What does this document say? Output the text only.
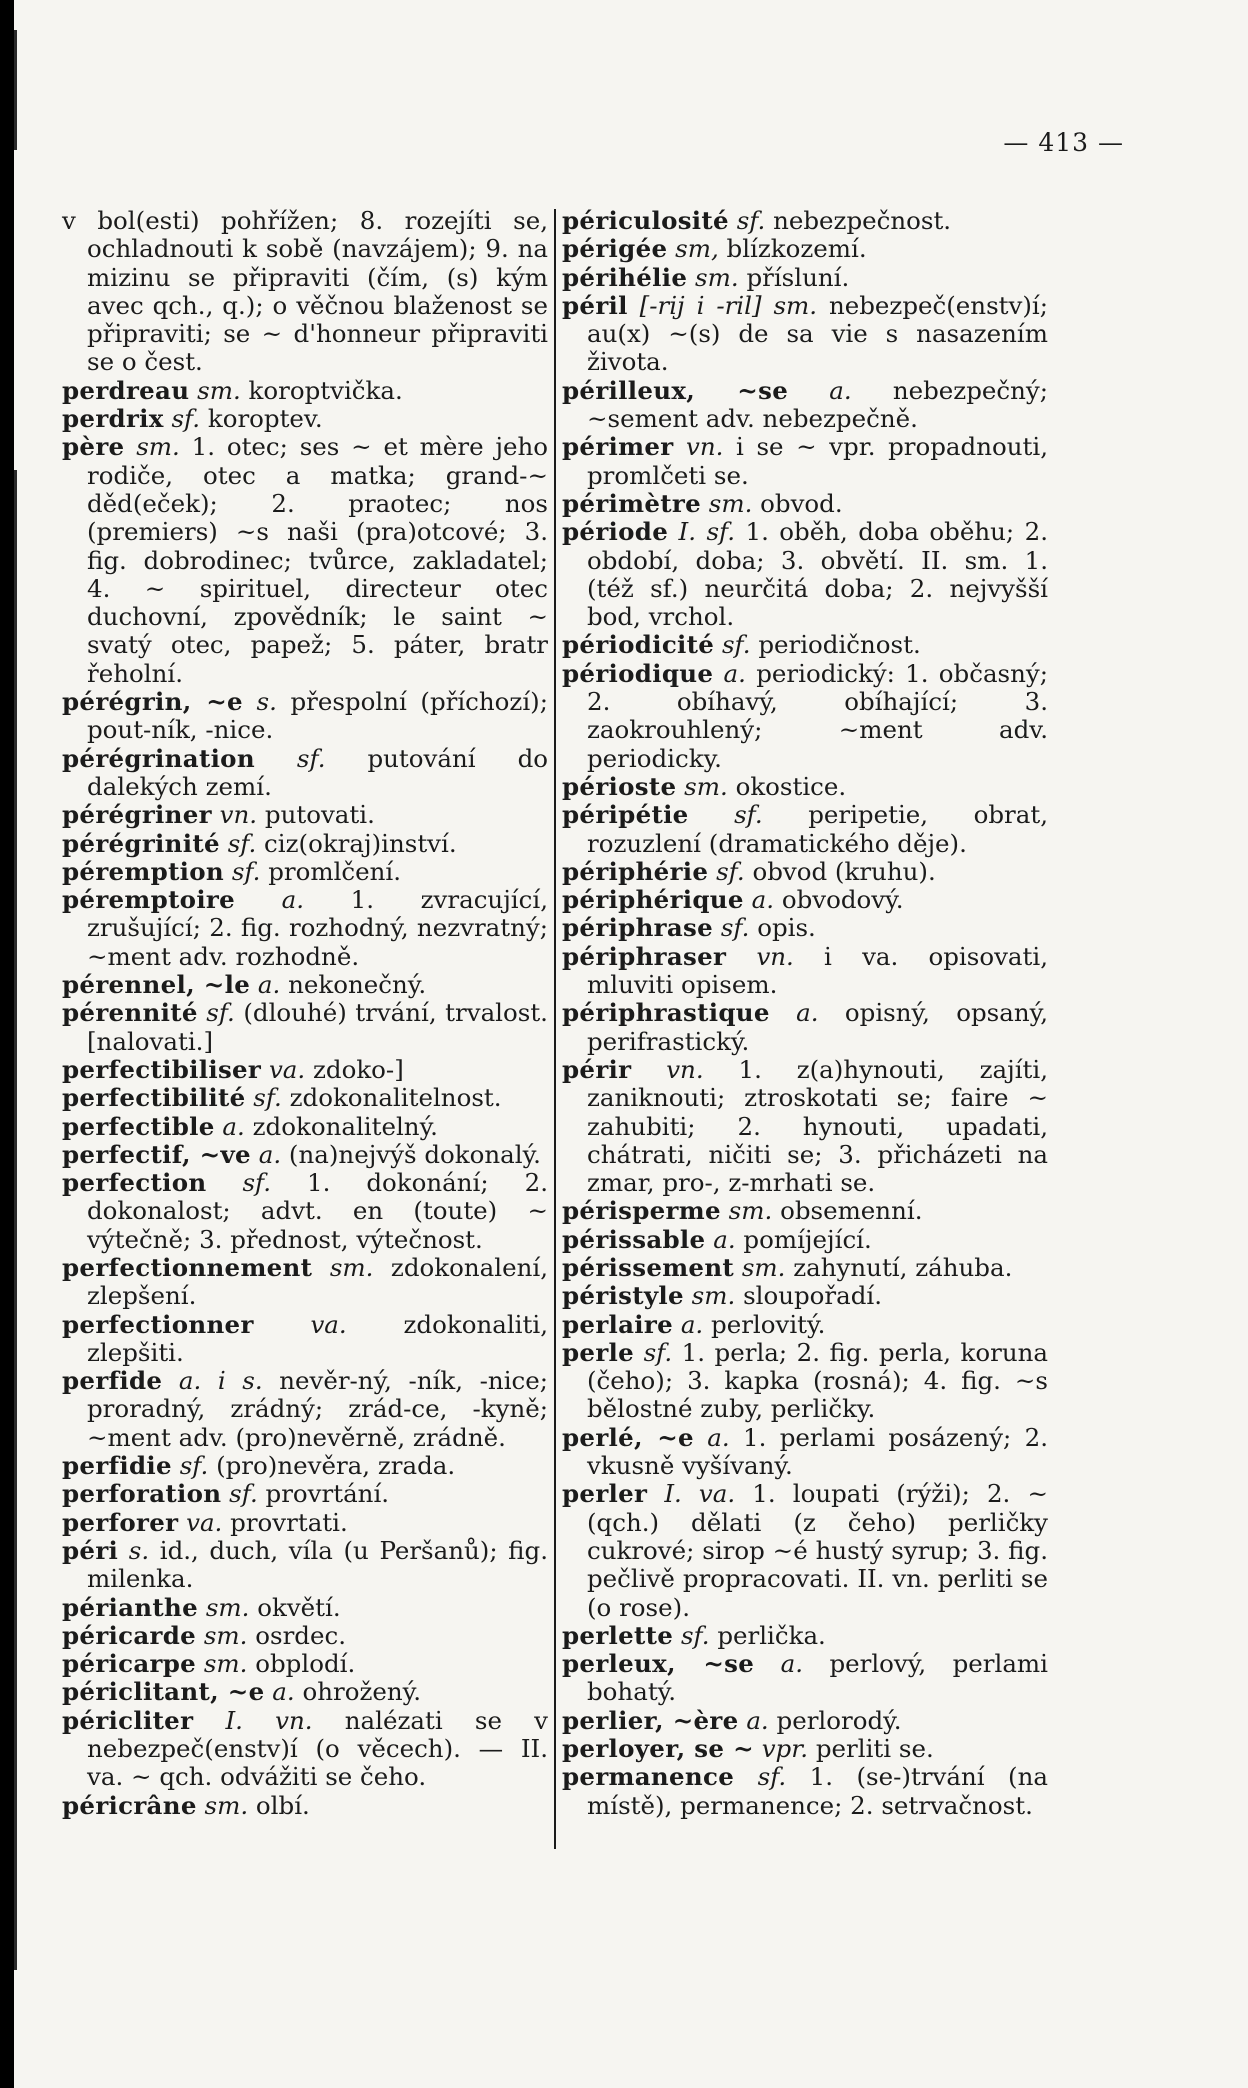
— 413 —

v bol(esti) pohřížen; 8. rozejíti se, ochladnouti k sobě (navzájem); 9. na mizinu se připraviti (čím, (s) kým avec qch., q.); o věčnou blaženost se připraviti; se ~ d'honneur připraviti se o čest.

perdreau sm. koroptvička.

perdrix sf. koroptev.

père sm. 1. otec; ses ~ et mère jeho rodiče, otec a matka; grand-~ děd(eček); 2. praotec; nos (premiers) ~s naši (pra)otcové; 3. fig. dobrodinec; tvůrce, zakladatel; 4. ~ spirituel, directeur otec duchovní, zpovědník; le saint ~ svatý otec, papež; 5. páter, bratr řeholní.

pérégrin, ~e s. přespolní (příchozí); pout-ník, -nice.

pérégrination sf. putování do dalekých zemí.

pérégriner vn. putovati.

pérégrinité sf. ciz(okraj)inství.

péremption sf. promlčení.

péremptoire a. 1. zvracující, zrušující; 2. fig. rozhodný, nezvratný; ~ment adv. rozhodně.

pérennel, ~le a. nekonečný.

pérennité sf. (dlouhé) trvání, trvalost. [nalovati.]

perfectibiliser va. zdoko-]

perfectibilité sf. zdokonalitelnost.

perfectible a. zdokonalitelný.

perfectif, ~ve a. (na)nejvýš dokonalý.

perfection sf. 1. dokonání; 2. dokonalost; advt. en (toute) ~ výtečně; 3. přednost, výtečnost.

perfectionnement sm. zdokonalení, zlepšení.

perfectionner va. zdokonaliti, zlepšiti.

perfide a. i s. nevěr-ný, -ník, -nice; proradný, zrádný; zrád-ce, -kyně; ~ment adv. (pro)nevěrně, zrádně.

perfidie sf. (pro)nevěra, zrada.

perforation sf. provrtání.

perforer va. provrtati.

péri s. id., duch, víla (u Peršanů); fig. milenka.

périanthe sm. okvětí.

péricarde sm. osrdec.

péricarpe sm. obplodí.

périclitant, ~e a. ohrožený.

péricliter I. vn. nalézati se v nebezpeč(enstv)í (o věcech). — II. va. ~ qch. odvážiti se čeho.

péricrâne sm. olbí.

périculosité sf. nebezpečnost.

périgée sm, blízkozemí.

périhélie sm. přísluní.

péril [-rij i -ril] sm. nebezpeč(enstv)í; au(x) ~(s) de sa vie s nasazením života.

périlleux, ~se a. nebezpečný; ~sement adv. nebezpečně.

périmer vn. i se ~ vpr. propadnouti, promlčeti se.

périmètre sm. obvod.

période I. sf. 1. oběh, doba oběhu; 2. období, doba; 3. obvětí. II. sm. 1. (též sf.) neurčitá doba; 2. nejvyšší bod, vrchol.

périodicité sf. periodičnost.

périodique a. periodický: 1. občasný; 2. obíhavý, obíhající; 3. zaokrouhlený; ~ment adv. periodicky.

périoste sm. okostice.

péripétie sf. peripetie, obrat, rozuzlení (dramatického děje).

périphérie sf. obvod (kruhu).

périphérique a. obvodový.

périphrase sf. opis.

périphraser vn. i va. opisovati, mluviti opisem.

périphrastique a. opisný, opsaný, perifrastický.

périr vn. 1. z(a)hynouti, zajíti, zaniknouti; ztroskotati se; faire ~ zahubiti; 2. hynouti, upadati, chátrati, ničiti se; 3. přicházeti na zmar, pro-, z-mrhati se.

périsperme sm. obsemenní.

périssable a. pomíjející.

périssement sm. zahynutí, záhuba.

péristyle sm. sloupořadí.

perlaire a. perlovitý.

perle sf. 1. perla; 2. fig. perla, koruna (čeho); 3. kapka (rosná); 4. fig. ~s bělostné zuby, perličky.

perlé, ~e a. 1. perlami posázený; 2. vkusně vyšívaný.

perler I. va. 1. loupati (rýži); 2. ~ (qch.) dělati (z čeho) perličky cukrové; sirop ~é hustý syrup; 3. fig. pečlivě propracovati. II. vn. perliti se (o rose).

perlette sf. perlička.

perleux, ~se a. perlový, perlami bohatý.

perlier, ~ère a. perlorodý.

perloyer, se ~ vpr. perliti se.

permanence sf. 1. (se-)trvání (na místě), permanence; 2. setrvačnost.
